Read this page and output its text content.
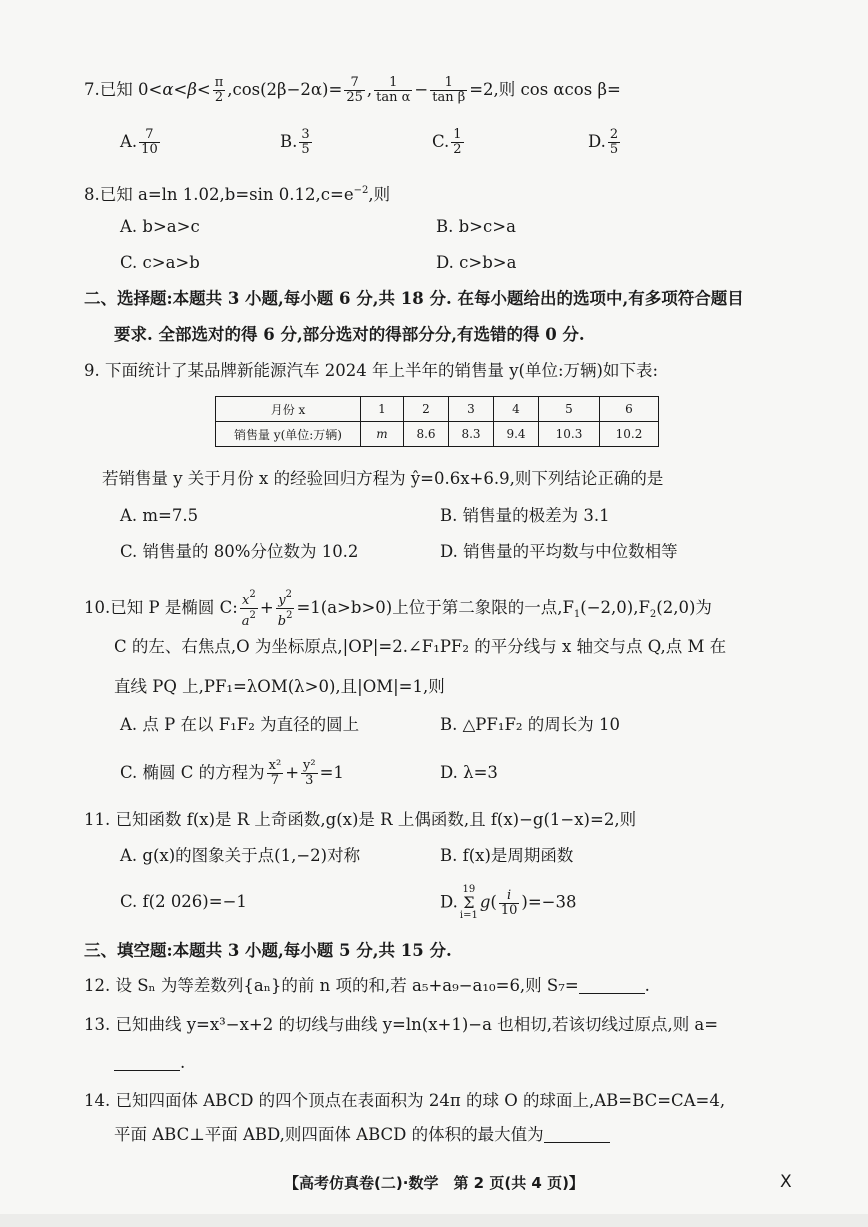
7.已知 $0<\alpha<\beta< \frac{\pi}{2} ,\cos(2\beta-2\alpha)= \frac{7}{25}$ , $\frac{1}{\text{tan α}} - \frac{1}{\text{tan β}} =2$,则 cos αcos β=
A. $\frac{7}{10}$	B. $\frac{3}{5}$	C. $\frac{1}{2}$	D. $\frac{2}{5}$
8.已知 a=ln 1.02,b=sin $0.12,c=e^{-2}$,则
A. b>a>c	B. b>c>a
C. c>a>b	D. c>b>a
二、选择题:本题共 3 小题,每小题 6 分,共 18 分. 在每小题给出的选项中,有多项符合题目
要求. 全部选对的得 6 分,部分选对的得部分分,有选错的得 0 分.
9. 下面统计了某品牌新能源汽车 2024 年上半年的销售量 y(单位:万辆)如下表:
月份 x	1	2	3	4	5	6
销售量 y(单位:万辆)	m	8.6	8.3	9.4	10.3	10.2
若销售量 y 关于月份 x 的经验回归方程为 ŷ=0.6x+6.9,则下列结论正确的是
A. m=7.5	B. 销售量的极差为 3.1
C. 销售量的 80%分位数为 10.2	D. 销售量的平均数与中位数相等
10.已知 P 是椭圆 C: $\frac{x^2}{a^2} + \frac{y^2}{b^2} =1(a>b>0)$上位于第二象限的一点$,F_1(-2,0),F_2(2,0)$为
C 的左、右焦点,O 为坐标原点,|OP|=2.∠F₁PF₂ 的平分线与 x 轴交与点 Q,点 M 在
直线 PQ 上,PF₁=λOM(λ>0),且|OM|=1,则
A. 点 P 在以 F₁F₂ 为直径的圆上	B. △PF₁F₂ 的周长为 10
C. 椭圆 C 的方程为 $\frac{\text{x²}}{7} + \frac{\text{y²}}{3} =1$	D. λ=3
11. 已知函数 f(x)是 R 上奇函数,g(x)是 R 上偶函数,且 f(x)−g(1−x)=2,则
A. g(x)的图象关于点(1,−2)对称	B. f(x)是周期函数
C. f(2 026)=−1	D.
19
Σ
i=1
$g( \frac{i}{10} )=-38$
三、填空题:本题共 3 小题,每小题 5 分,共 15 分.
12. 设 Sₙ 为等差数列{aₙ}的前 n 项的和,若 a₅+a₉−a₁₀=6,则 S₇=	.
13. 已知曲线 y=x³−x+2 的切线与曲线 y=ln(x+1)−a 也相切,若该切线过原点,则 a=
.
14. 已知四面体 ABCD 的四个顶点在表面积为 24π 的球 O 的球面上,AB=BC=CA=4,
平面 ABC⊥平面 ABD,则四面体 ABCD 的体积的最大值为
【高考仿真卷(二)·数学　第 2 页(共 4 页)】	X
